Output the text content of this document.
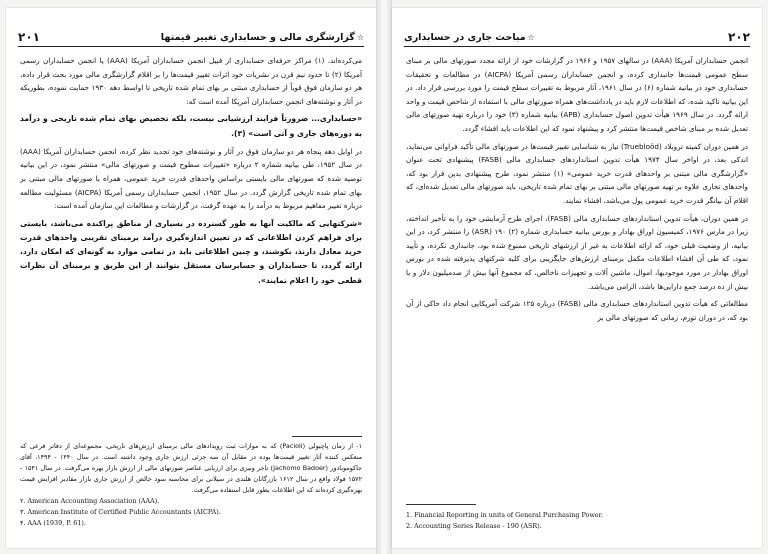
۲۰۱	☆گزارشگری مالی و حسابداری تغییر قیمتها

می‌کرده‌اند. (۱) مراکز حرفه‌ای حسابداری از قبیل انجمن حسابداران آمریکا (AAA) یا انجمن حسابداران رسمی آمریکا (۲) تا حدود نیم قرن در نشریات خود اثرات تغییر قیمت‌ها را بر اقلام گزارشگری مالی مورد بحث قرار داده، هر دو سازمان فوق قویاً از حسابداری مبتنی بر بهای تمام شده تاریخی تا اواسط دهه ۱۹۳۰ حمایت نموده، بطوریکه در آثار و نوشته‌های انجمن حسابداران آمریکا آمده است که:

«حسابداری... ضرورتاً فرایند ارزشیابی نیست، بلکه تخصیص بهای تمام شده تاریخی و درآمد به دوره‌های جاری و آتی است» (۳).

در اوایل دهه پنجاه هر دو سازمان فوق در آثار و نوشته‌های خود تجدید نظر کرده، انجمن حسابداران آمریکا (AAA) در سال ۱۹۵۲، طی بیانیه شماره ۲ درباره «تغییرات سطوح قیمت و صورتهای مالی» منتشر نمود، در این بیانیه توصیه شده که صورتهای مالی بایستی براساس واحدهای قدرت خرید عمومی، همراه با صورتهای مالی مبتنی بر بهای تمام شده تاریخی گزارش گردد. در سال ۱۹۵۲، انجمن حسابداران رسمی آمریکا (AICPA) مسئولیت مطالعه درباره تغییر مفاهیم مربوط به درآمد را به عهده گرفت، در گزارشات و مطالعات این سازمان آمده است:

«شرکتهایی که مالکیت آنها به طور گسترده در بسیاری از مناطق پراکنده می‌باشد، بایستی برای فراهم کردن اطلاعاتی که در تعیین اندازه‌گیری درآمد برمبنای تقریبی واحدهای قدرت خرید معادل دارند، بکوشند، و چنین اطلاعاتی باید در تمامی موارد به گونه‌ای که امکان دارد، ارائه گردد، تا حسابداران و حسابرسان مستقل بتوانند از این طریق و برمبنای آن نظرات قطعی خود را اعلام نمایند».

۱- از زمان پاچیولی (Pacioli) که به موازات ثبت رویدادهای مالی برمبنای ارزش‌های تاریخی، مجموعه‌ای از دفاتر فرعی که منعکس کننده آثار تغییر قیمت‌ها بوده در مقابل آن سه جزئی ارزش جاری وجود داشته است. در سال ۱۴۴۰ - ۱۴۹۴، آقای جاکوموبادور (Jachomo Badoer) تاجر ونیزی برای ارزیابی عناصر صورتهای مالی از ارزش بازار بهره می‌گرفت. در سال ۱۵۴۱ - ۱۵۷۲ فولاد واقع در سال ۱۶۱۲ بازرگانان هلندی در سیلانی برای محاسبه سود خالص از ارزش جاری بازار مقادیر افزایش قیمت بهره‌گیری کرده‌اند که این اطلاعات بطور قابل استفاده می‌گرفت.
۲. American Accounting Association (AAA).
۳. American Institute of Certified Public Accountants (AICPA).
۴. AAA (1939, P. 61).
☆مباحث جاری در حسابداری	۲۰۲

انجمن حسابداران آمریکا (AAA) در سالهای ۱۹۵۷ و ۱۹۶۶ در گزارشات خود از ارائه مجدد صورتهای مالی بر مبنای سطح عمومی قیمت‌ها جانبداری کرده، و انجمن حسابداران رسمی آمریکا (AICPA) در مطالعات و تحقیقات حسابداری خود در بیانیه شماره (۶) در سال ۱۹۶۱، آثار مربوط به تغییرات سطح قیمت را مورد بررسی قرار داد. در این بیانیه تاکید شده، که اطلاعات لازم باید در یادداشت‌های همراه صورتهای مالی با استفاده از شاخص قیمت و واحد ارائه گردد. در سال ۱۹۶۹ هیأت تدوین اصول حسابداری (APB) بیانیه شماره (۳) خود را درباره تهیه صورتهای مالی تعدیل شده بر مبنای شاخص قیمت‌ها منتشر کرد و پیشنهاد نمود که این اطلاعات باید افشاء گردد.

در همین دوران کمیته تروبلاد (Truebloöd) نیاز به شناسایی تغییر قیمت‌ها در صورتهای مالی تأکید فراوانی می‌نماید، اندکی بعد، در اواخر سال ۱۹۷۴ هیأت تدوین استانداردهای حسابداری مالی (FASB) پیشنهادی تحت عنوان «گزارشگری مالی مبتنی بر واحدهای قدرت خرید عمومی» (۱) منتشر نمود، طرح پیشنهادی بدین قرار بود که، واحدهای تجاری علاوه بر تهیه صورتهای مالی مبتنی بر بهای تمام شده تاریخی، باید صورتهای مالی تعدیل شده‌ای، که اقلام آن بیانگر قدرت خرید عمومی پول می‌باشد، افشاء نمایند.

در همین دوران، هیأت تدوین استانداردهای حسابداری مالی (FASB)، اجرای طرح آزمایشی خود را به تأخیر انداخته، زیرا در مارس ۱۹۷۶، کمیسیون اوراق بهادار و بورس بیانیه حسابداری شماره (۲) ۱۹۰ (ASR) را منتشر کرد، در این بیانیه، از وضعیت قبلی خود، که ارائه اطلاعات به غیر از ارزشهای تاریخی ممنوع شده بود، جانبداری نکرده، و تأیید نمود، که طی آن افشاء اطلاعات مکمل برمبنای ارزش‌های جایگزینی برای کلیه شرکتهای پذیرفته شده در بورس اوراق بهادار در مورد موجودیها، اموال، ماشین آلات و تجهیزات ناخالص، که مجموع آنها بیش از صدمیلیون دلار و یا بیش از ده درصد جمع دارایی‌ها باشد، الزامی می‌باشد.

مطالعاتی که هیأت تدوین استانداردهای حسابداری مالی (FASB) درباره ۱۲۵ شرکت آمریکایی انجام داد حاکی از آن بود که، در دوران تورم، زمانی که صورتهای مالی بر

1. Financial Reporting in units of General Purchasing Power.
2. Accounting Series Release - 190 (ASR).
